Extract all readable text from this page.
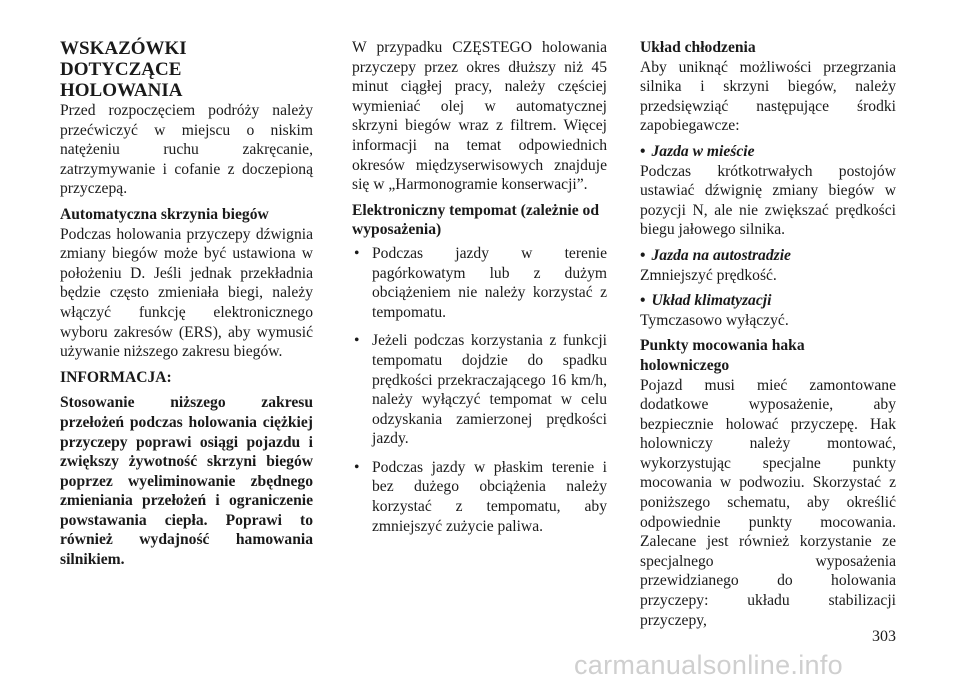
WSKAZÓWKI
DOTYCZĄCE
HOLOWANIA

Przed rozpoczęciem podróży należy przećwiczyć w miejscu o niskim natężeniu ruchu zakręcanie, zatrzymywanie i cofanie z doczepioną przyczepą.

Automatyczna skrzynia biegów

Podczas holowania przyczepy dźwignia zmiany biegów może być ustawiona w położeniu D. Jeśli jednak przekładnia będzie często zmieniała biegi, należy włączyć funkcję elektronicznego wyboru zakresów (ERS), aby wymusić używanie niższego zakresu biegów.

INFORMACJA:

Stosowanie niższego zakresu przełożeń podczas holowania ciężkiej przyczepy poprawi osiągi pojazdu i zwiększy żywotność skrzyni biegów poprzez wyeliminowanie zbędnego zmieniania przełożeń i ograniczenie powstawania ciepła. Poprawi to również wydajność hamowania silnikiem.

W przypadku CZĘSTEGO holowania przyczepy przez okres dłuższy niż 45 minut ciągłej pracy, należy częściej wymieniać olej w automatycznej skrzyni biegów wraz z filtrem. Więcej informacji na temat odpowiednich okresów międzyserwisowych znajduje się w „Harmonogramie konserwacji”.

Elektroniczny tempomat (zależnie od wyposażenia)

• Podczas jazdy w terenie pagórkowatym lub z dużym obciążeniem nie należy korzystać z tempomatu.
• Jeżeli podczas korzystania z funkcji tempomatu dojdzie do spadku prędkości przekraczającego 16 km/h, należy wyłączyć tempomat w celu odzyskania zamierzonej prędkości jazdy.
• Podczas jazdy w płaskim terenie i bez dużego obciążenia należy korzystać z tempomatu, aby zmniejszyć zużycie paliwa.

Układ chłodzenia

Aby uniknąć możliwości przegrzania silnika i skrzyni biegów, należy przedsięwziąć następujące środki zapobiegawcze:

• Jazda w mieście

Podczas krótkotrwałych postojów ustawiać dźwignię zmiany biegów w pozycji N, ale nie zwiększać prędkości biegu jałowego silnika.

• Jazda na autostradzie

Zmniejszyć prędkość.

• Układ klimatyzacji

Tymczasowo wyłączyć.

Punkty mocowania haka
holowniczego

Pojazd musi mieć zamontowane dodatkowe wyposażenie, aby bezpiecznie holować przyczepę. Hak holowniczy należy montować, wykorzystując specjalne punkty mocowania w podwoziu. Skorzystać z poniższego schematu, aby określić odpowiednie punkty mocowania. Zalecane jest również korzystanie ze specjalnego wyposażenia przewidzianego do holowania przyczepy: układu stabilizacji przyczepy,

303
carmanualsonline.info
